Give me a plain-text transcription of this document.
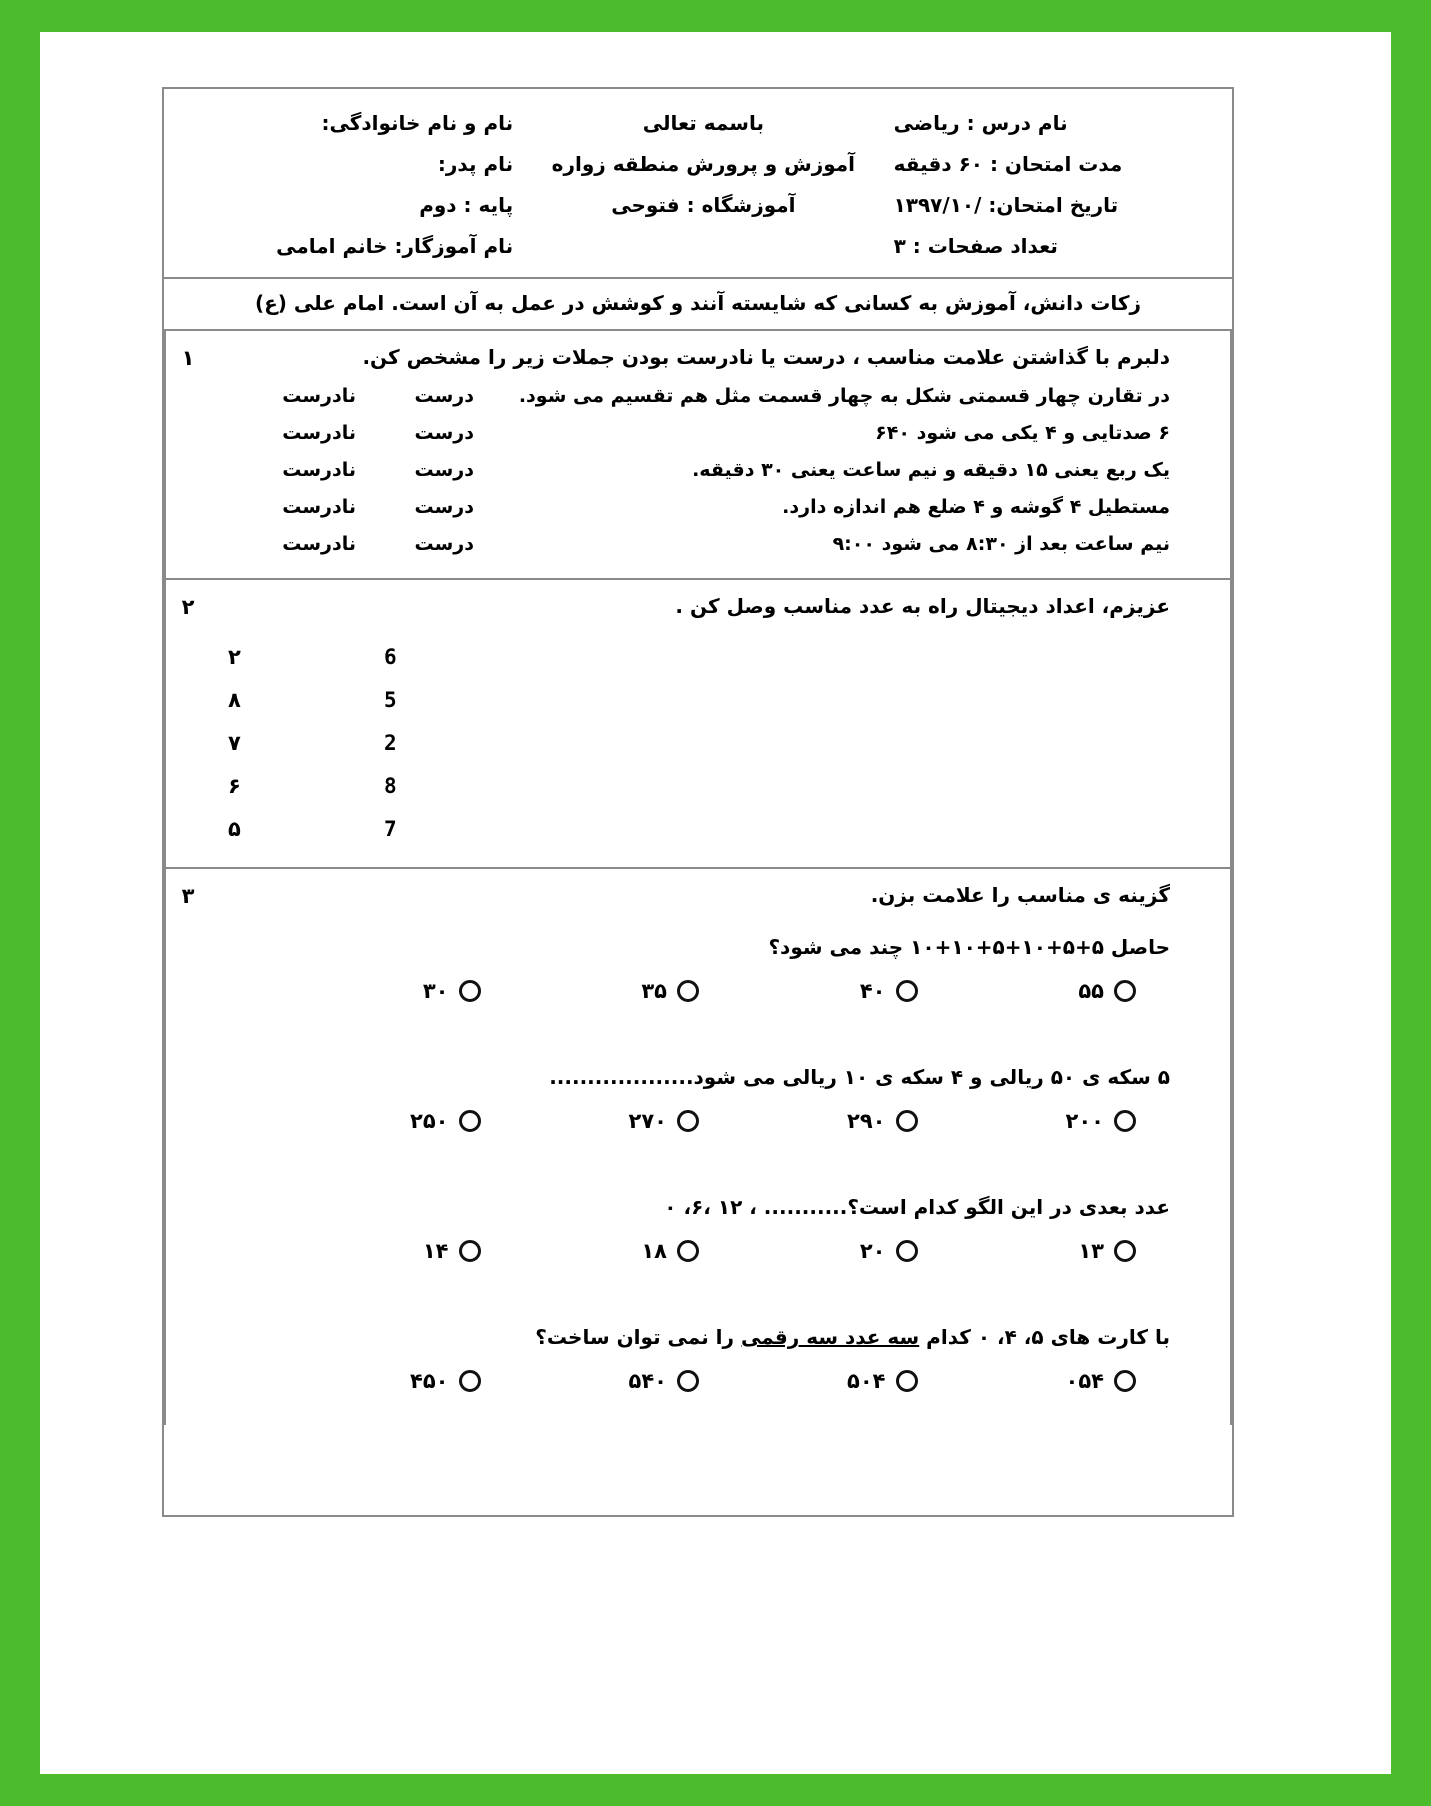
نام درس : ریاضی
مدت امتحان : ۶۰ دقیقه
تاریخ امتحان: /۱۳۹۷/۱۰
تعداد صفحات : ۳
باسمه تعالی
آموزش و پرورش منطقه زواره
آموزشگاه : فتوحی
نام و نام خانوادگی:
نام پدر:
پایه : دوم
نام آموزگار: خانم امامی
زکات دانش، آموزش به کسانی که شایسته آنند و کوشش در عمل به آن است. امام علی (ع)
دلبرم با گذاشتن علامت مناسب ، درست یا نادرست بودن جملات زیر را مشخص کن.
در تقارن چهار قسمتی شکل به چهار قسمت مثل هم تقسیم می شود.
درست
نادرست
۶ صدتایی و ۴ یکی می شود ۶۴۰
درست
نادرست
یک ربع یعنی ۱۵ دقیقه و نیم ساعت یعنی ۳۰ دقیقه.
درست
نادرست
مستطیل ۴ گوشه و ۴ ضلع هم اندازه دارد.
درست
نادرست
نیم ساعت بعد از ۸:۳۰ می شود ۹:۰۰
درست
نادرست
۱
عزیزم، اعداد دیجیتال راه به عدد مناسب وصل کن .
6
۲
5
۸
2
۷
8
۶
7
۵
۲
گزینه ی مناسب را علامت بزن.
حاصل ۵+۵+۱۰+۵+۱۰+۱۰ چند می شود؟
۵۵
۴۰
۳۵
۳۰
۵ سکه ی ۵۰ ریالی و ۴ سکه ی ۱۰ ریالی می شود...................
۲۰۰
۲۹۰
۲۷۰
۲۵۰
عدد بعدی در این الگو کدام است؟........... ، ۱۲ ،۶، ۰
۱۳
۲۰
۱۸
۱۴
با کارت های ۵، ۴، ۰ کدام سه عدد سه رقمی را نمی توان ساخت؟
۰۵۴
۵۰۴
۵۴۰
۴۵۰
۳
